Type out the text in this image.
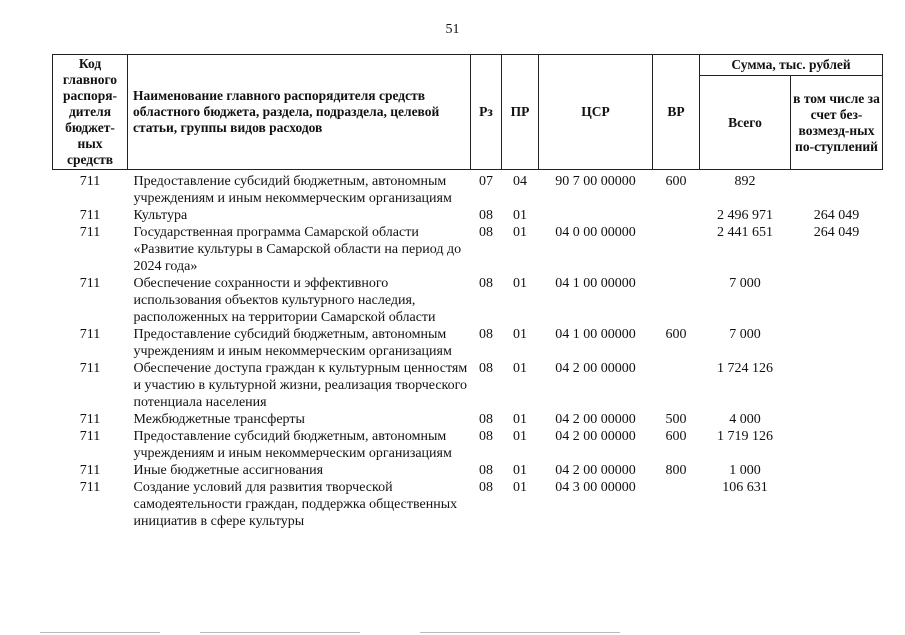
51
Код главного распоря-дителя бюджет-ных средств	Наименование главного распорядителя средств областного бюджета, раздела, подраздела, целевой статьи, группы видов расходов	Рз	ПР	ЦСР	ВР	Сумма, тыс. рублей	
						Всего	в том числе за счет без-возмезд-ных по-ступлений
711	Предоставление субсидий бюджетным, автономным учреждениям и иным некоммерческим организациям	07	04	90 7 00 00000	600	892	
711	Культура	08	01			2 496 971	264 049
711	Государственная программа Самарской области «Развитие культуры в Самарской области на период до 2024 года»	08	01	04 0 00 00000		2 441 651	264 049
711	Обеспечение сохранности и эффективного использования объектов культурного наследия, расположенных на территории Самарской области	08	01	04 1 00 00000		7 000	
711	Предоставление субсидий бюджетным, автономным учреждениям и иным некоммерческим организациям	08	01	04 1 00 00000	600	7 000	
711	Обеспечение доступа граждан к культурным ценностям и участию в культурной жизни, реализация творческого потенциала населения	08	01	04 2 00 00000		1 724 126	
711	Межбюджетные трансферты	08	01	04 2 00 00000	500	4 000	
711	Предоставление субсидий бюджетным, автономным учреждениям и иным некоммерческим организациям	08	01	04 2 00 00000	600	1 719 126	
711	Иные бюджетные ассигнования	08	01	04 2 00 00000	800	1 000	
711	Создание условий для развития творческой самодеятельности граждан, поддержка общественных инициатив в сфере культуры	08	01	04 3 00 00000		106 631	
